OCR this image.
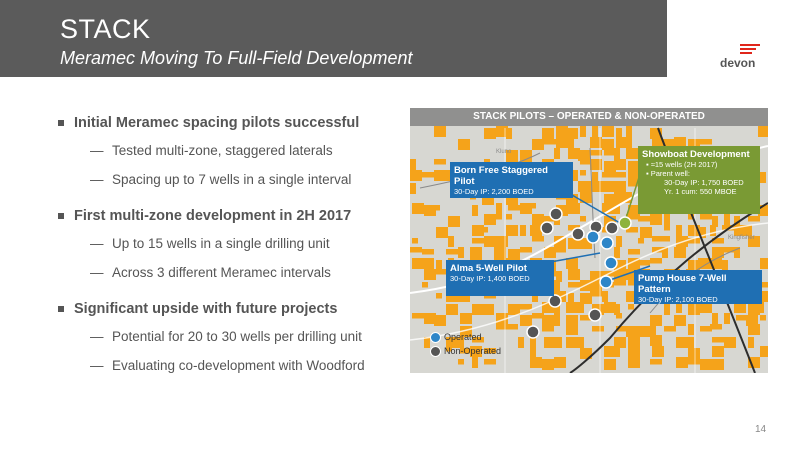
STACK
Meramec Moving To Full-Field Development	devon
Initial Meramec spacing pilots successful
— Tested multi-zone, staggered laterals
— Spacing up to 7 wells in a single interval
First multi-zone development in 2H 2017
— Up to 15 wells in a single drilling unit
— Across 3 different Meramec intervals
Significant upside with future projects
— Potential for 20 to 30 wells per drilling unit
— Evaluating co-development with Woodford
Kluno
Kingfisher
STACK PILOTS – OPERATED & NON-OPERATED
Born Free Staggered Pilot
30-Day IP: 2,200 BOED
Alma 5-Well Pilot
30-Day IP: 1,400 BOED	Pump House 7-Well Pattern
30-Day IP: 2,100 BOED
Showboat Development
▪ ≈15 wells (2H 2017)
▪ Parent well:
30-Day IP: 1,750 BOED
Yr. 1 cum: 550 MBOE
Operated
Non-Operated
14
